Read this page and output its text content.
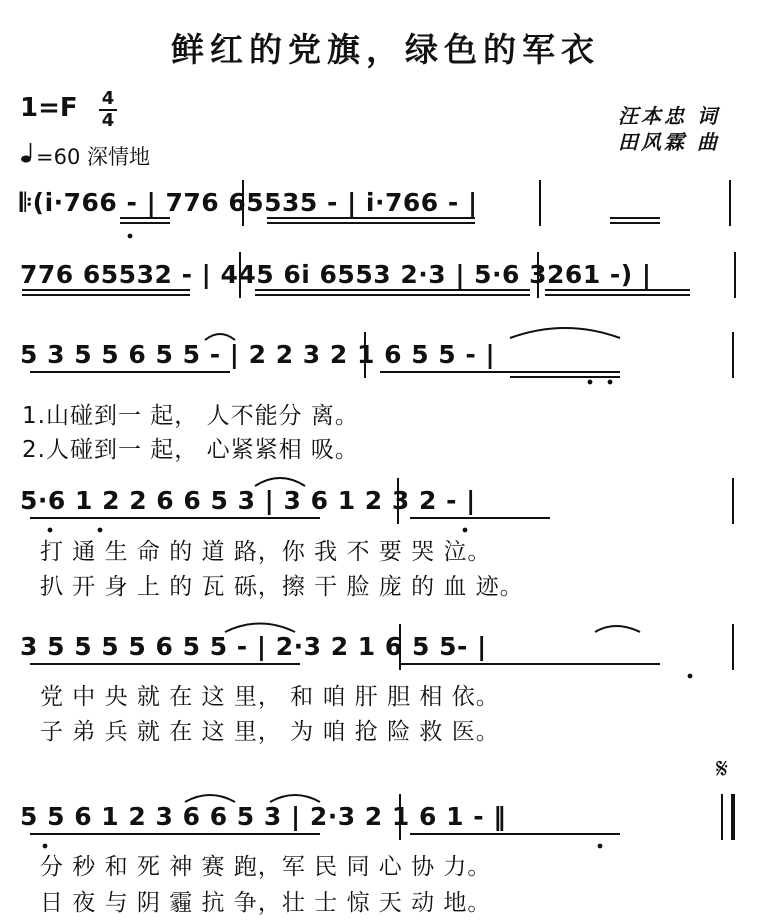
鲜红的党旗，绿色的军衣
1=F 4
4
=60 深情地
汪本忠 词
田风霖 曲
𝄆(i̇·766 - | 776 65535 - | i̇·766 - |
776 65532 - | 445 6i̇ 6553 2·3 | 5·6 3261 -) |
5 3 5 5 6 5 5 - | 2 2 3 2 1 6 5 5 - |
5·6 1 2 2 6 6 5 3 | 3 6 1 2 3 2 - |
3 5 5 5 5 6 5 5 - | 2·3 2 1 6 5 5- |
5 5 6 1 2 3 6 6 5 3 | 2·3 2 1 6 1 - ‖
1.山碰到一 起， 人不能分 离。
2.人碰到一 起， 心紧紧相 吸。
打 通 生 命 的 道 路，你 我 不 要 哭 泣。
扒 开 身 上 的 瓦 砾，擦 干 脸 庞 的 血 迹。
党 中 央 就 在 这 里， 和 咱 肝 胆 相 依。
子 弟 兵 就 在 这 里， 为 咱 抢 险 救 医。
分 秒 和 死 神 赛 跑，军 民 同 心 协 力。
日 夜 与 阴 霾 抗 争，壮 士 惊 天 动 地。
𝄋
